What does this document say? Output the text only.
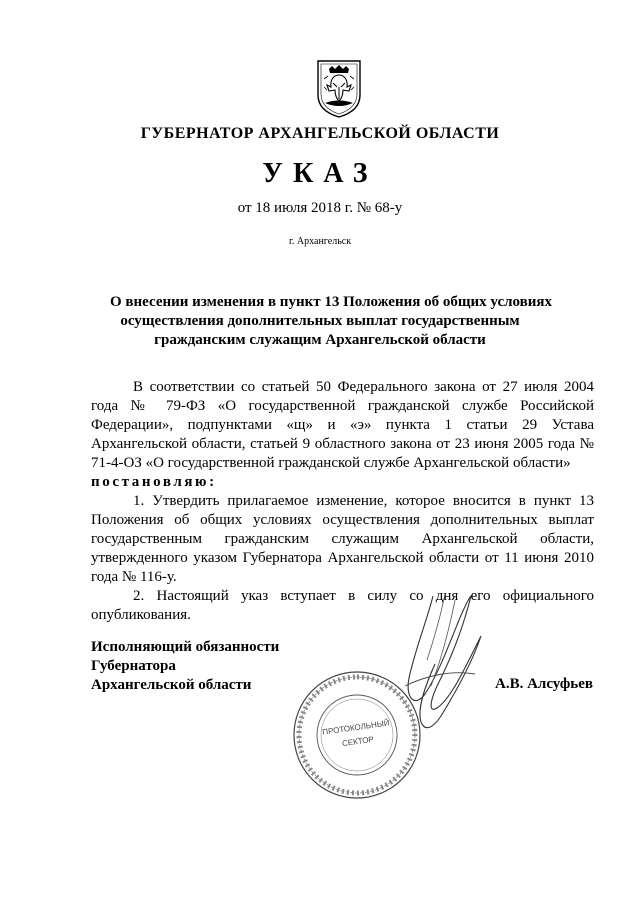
ГУБЕРНАТОР АРХАНГЕЛЬСКОЙ ОБЛАСТИ
УКАЗ
от 18 июля 2018 г. № 68-у
г. Архангельск
О внесении изменения в пункт 13 Положения об общих условиях
осуществления дополнительных выплат государственным
гражданским служащим Архангельской области

В соответствии со статьей 50 Федерального закона от 27 июля 2004 года № 79-ФЗ «О государственной гражданской службе Российской Федерации», подпунктами «щ» и «э» пункта 1 статьи 29 Устава Архангельской области, статьей 9 областного закона от 23 июня 2005 года № 71-4-ОЗ «О государственной гражданской службе Архангельской области»
постановляю:

1. Утвердить прилагаемое изменение, которое вносится в пункт 13 Положения об общих условиях осуществления дополнительных выплат государственным гражданским служащим Архангельской области, утвержденного указом Губернатора Архангельской области от 11 июня 2010 года № 116-у.

2. Настоящий указ вступает в силу со дня его официального опубликования.

Исполняющий обязанности
Губернатора
Архангельской области	А.В. Алсуфьев
ПРОТОКОЛЬНЫЙ
СЕКТОР
